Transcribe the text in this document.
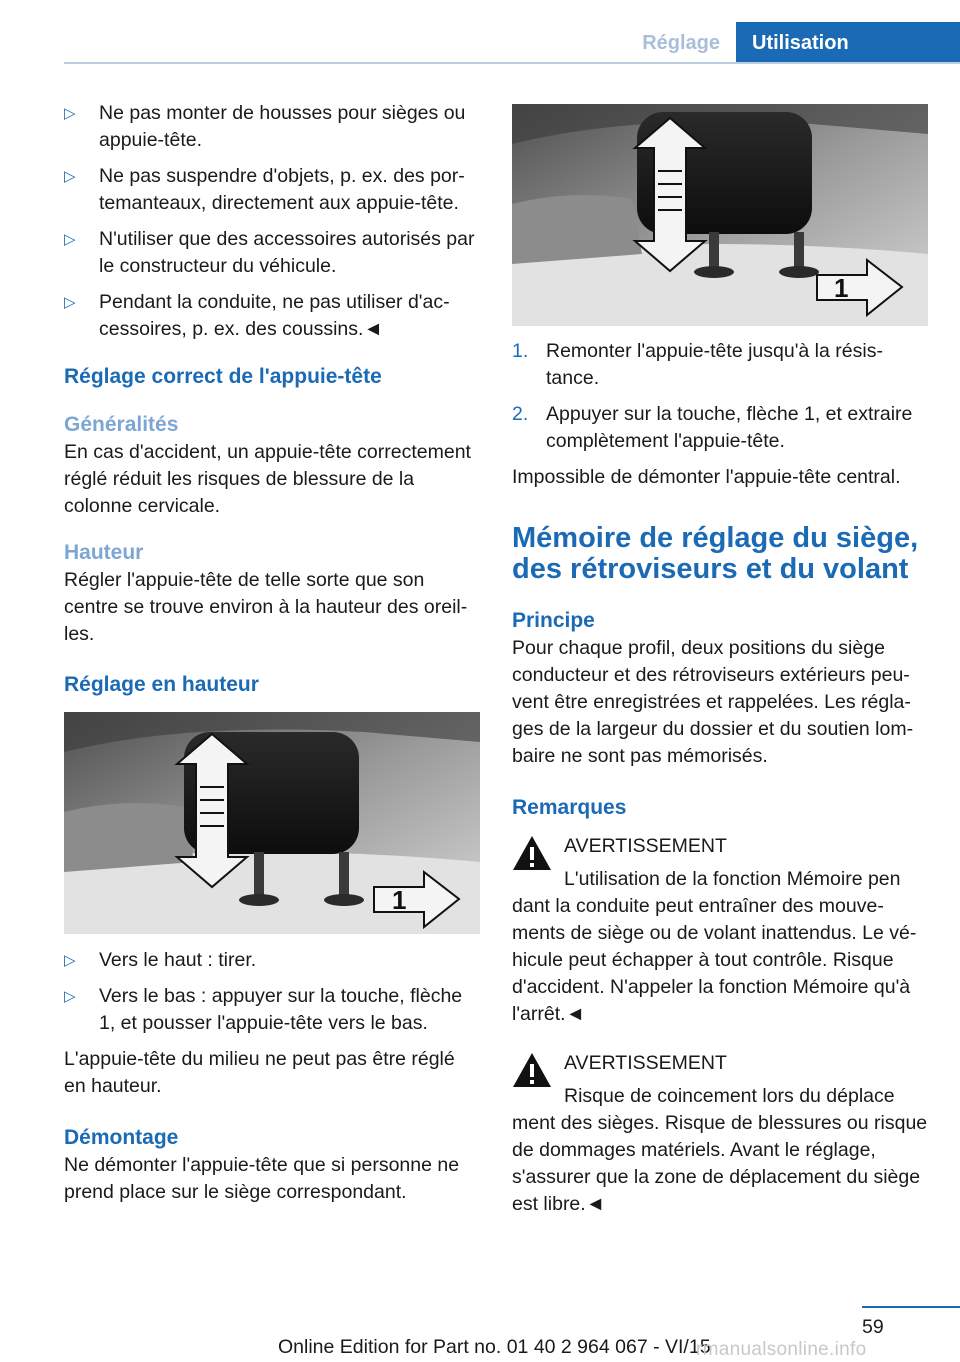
Réglage	Utilisation
▷ Ne pas monter de housses pour sièges ou appuie-tête.
▷ Ne pas suspendre d'objets, p. ex. des portemanteaux, directement aux appuie-tête.
▷ N'utiliser que des accessoires autorisés par le constructeur du véhicule.
▷ Pendant la conduite, ne pas utiliser d'accessoires, p. ex. des coussins.◄
Réglage correct de l'appuie-tête
Généralités

En cas d'accident, un appuie-tête correctement réglé réduit les risques de blessure de la colonne cervicale.

Hauteur

Régler l'appuie-tête de telle sorte que son centre se trouve environ à la hauteur des oreilles.

Réglage en hauteur
1
▷ Vers le haut : tirer.
▷ Vers le bas : appuyer sur la touche, flèche 1, et pousser l'appuie-tête vers le bas.

L'appuie-tête du milieu ne peut pas être réglé en hauteur.

Démontage

Ne démonter l'appuie-tête que si personne ne prend place sur le siège correspondant.

1
1. Remonter l'appuie-tête jusqu'à la résistance.
2. Appuyer sur la touche, flèche 1, et extraire complètement l'appuie-tête.

Impossible de démonter l'appuie-tête central.

Mémoire de réglage du siège, des rétroviseurs et du volant
Principe

Pour chaque profil, deux positions du siège conducteur et des rétroviseurs extérieurs peuvent être enregistrées et rappelées. Les réglages de la largeur du dossier et du soutien lombaire ne sont pas mémorisés.

Remarques
AVERTISSEMENT
L'utilisation de la fonction Mémoire pen
dant la conduite peut entraîner des mouvements de siège ou de volant inattendus. Le véhicule peut échapper à tout contrôle. Risque d'accident. N'appeler la fonction Mémoire qu'à l'arrêt.◄
AVERTISSEMENT
Risque de coincement lors du déplace
ment des sièges. Risque de blessures ou risque de dommages matériels. Avant le réglage, s'assurer que la zone de déplacement du siège est libre.◄
59
Online Edition for Part no. 01 40 2 964 067 - VI/15
rmanualsonline.info
